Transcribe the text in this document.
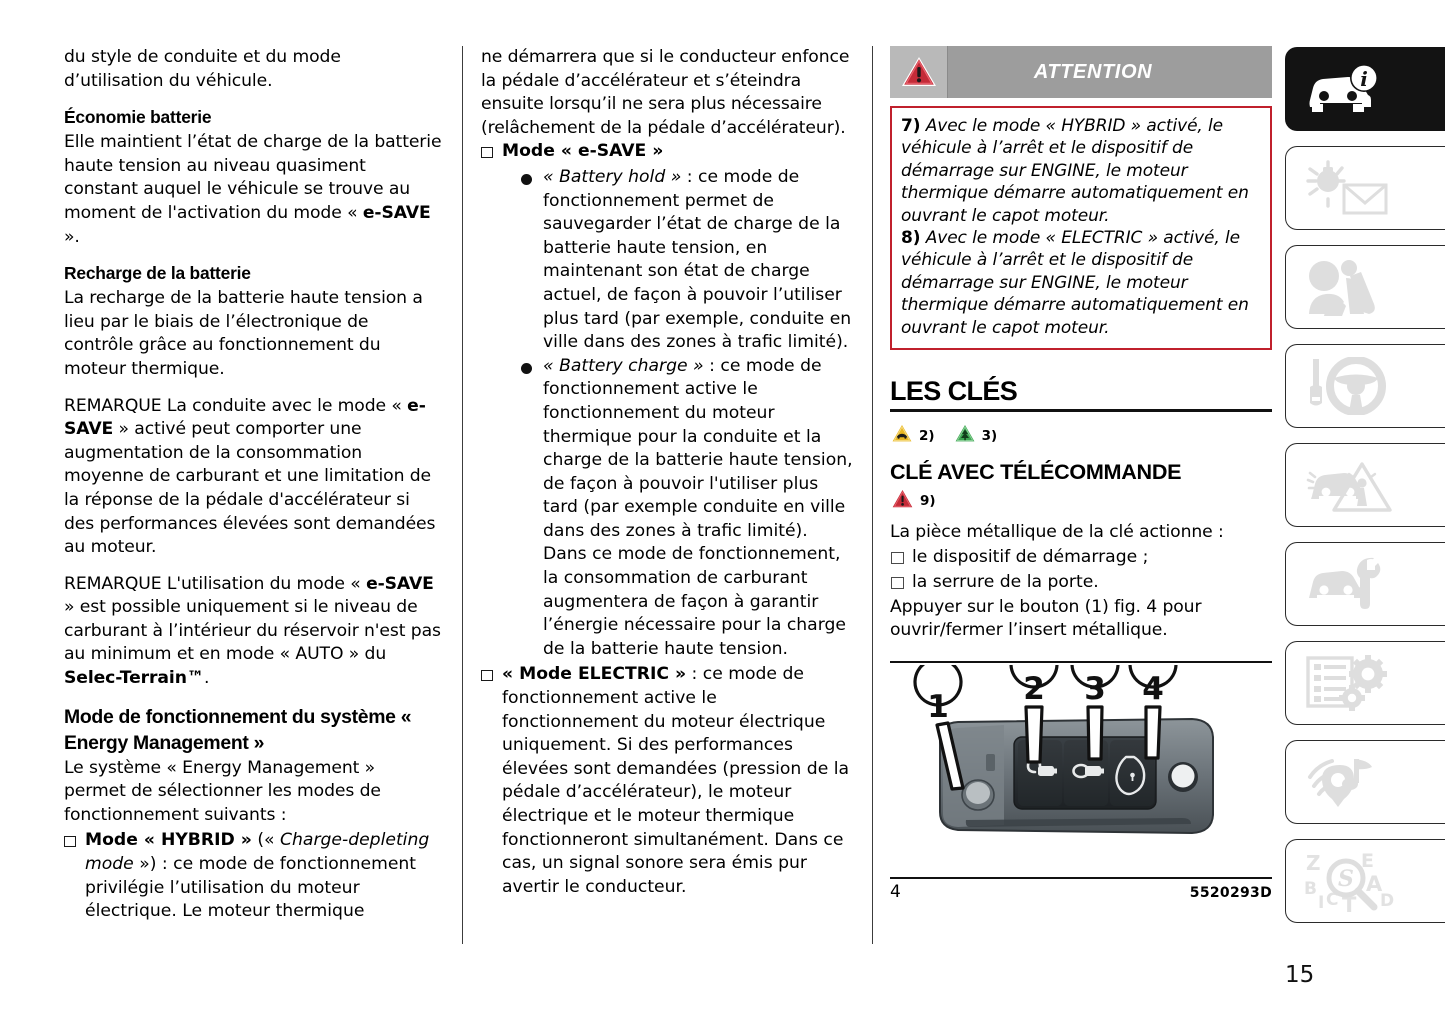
du style de conduite et du mode d’utilisation du véhicule.

Économie batterie

Elle maintient l’état de charge de la batterie haute tension au niveau quasiment constant auquel le véhicule se trouve au moment de l'activation du mode « e-SAVE ».

Recharge de la batterie

La recharge de la batterie haute tension a lieu par le biais de l’électronique de contrôle grâce au fonctionnement du moteur thermique.

REMARQUE La conduite avec le mode « e-SAVE » activé peut comporter une augmentation de la consommation moyenne de carburant et une limitation de la réponse de la pédale d'accélérateur si des performances élevées sont demandées au moteur.

REMARQUE L'utilisation du mode « e-SAVE » est possible uniquement si le niveau de carburant à l’intérieur du réservoir n'est pas au minimum et en mode « AUTO » du Selec-Terrain™.

Mode de fonctionnement du système « Energy Management »

Le système « Energy Management » permet de sélectionner les modes de fonctionnement suivants :

Mode « HYBRID » (« Charge-depleting mode ») : ce mode de fonctionnement privilégie l’utilisation du moteur électrique. Le moteur thermique

ne démarrera que si le conducteur enfonce la pédale d’accélérateur et s’éteindra ensuite lorsqu’il ne sera plus nécessaire (relâchement de la pédale d’accélérateur).

Mode « e-SAVE »
« Battery hold » : ce mode de fonctionnement permet de sauvegarder l’état de charge de la batterie haute tension, en maintenant son état de charge actuel, de façon à pouvoir l’utiliser plus tard (par exemple, conduite en ville dans des zones à trafic limité).
« Battery charge » : ce mode de fonctionnement active le fonctionnement du moteur thermique pour la conduite et la charge de la batterie haute tension, de façon à pouvoir l'utiliser plus tard (par exemple conduite en ville dans des zones à trafic limité). Dans ce mode de fonctionnement, la consommation de carburant augmentera de façon à garantir l’énergie nécessaire pour la charge de la batterie haute tension.
« Mode ELECTRIC » : ce mode de fonctionnement active le fonctionnement du moteur électrique uniquement. Si des performances élevées sont demandées (pression de la pédale d’accélérateur), le moteur électrique et le moteur thermique fonctionneront simultanément. Dans ce cas, un signal sonore sera émis pur avertir le conducteur.
ATTENTION

7) Avec le mode « HYBRID » activé, le véhicule à l’arrêt et le dispositif de démarrage sur ENGINE, le moteur thermique démarre automatiquement en ouvrant le capot moteur.

8) Avec le mode « ELECTRIC » activé, le véhicule à l’arrêt et le dispositif de démarrage sur ENGINE, le moteur thermique démarre automatiquement en ouvrant le capot moteur.

LES CLÉS
2)	3)
CLÉ AVEC TÉLÉCOMMANDE
9)

La pièce métallique de la clé actionne :

le dispositif de démarrage ;
la serrure de la porte.

Appuyer sur le bouton (1) fig. 4 pour ouvrir/fermer l’insert métallique.

1 2 3 4
4	5520293D
i
Z
B
I C T
E
A
D
S
15
